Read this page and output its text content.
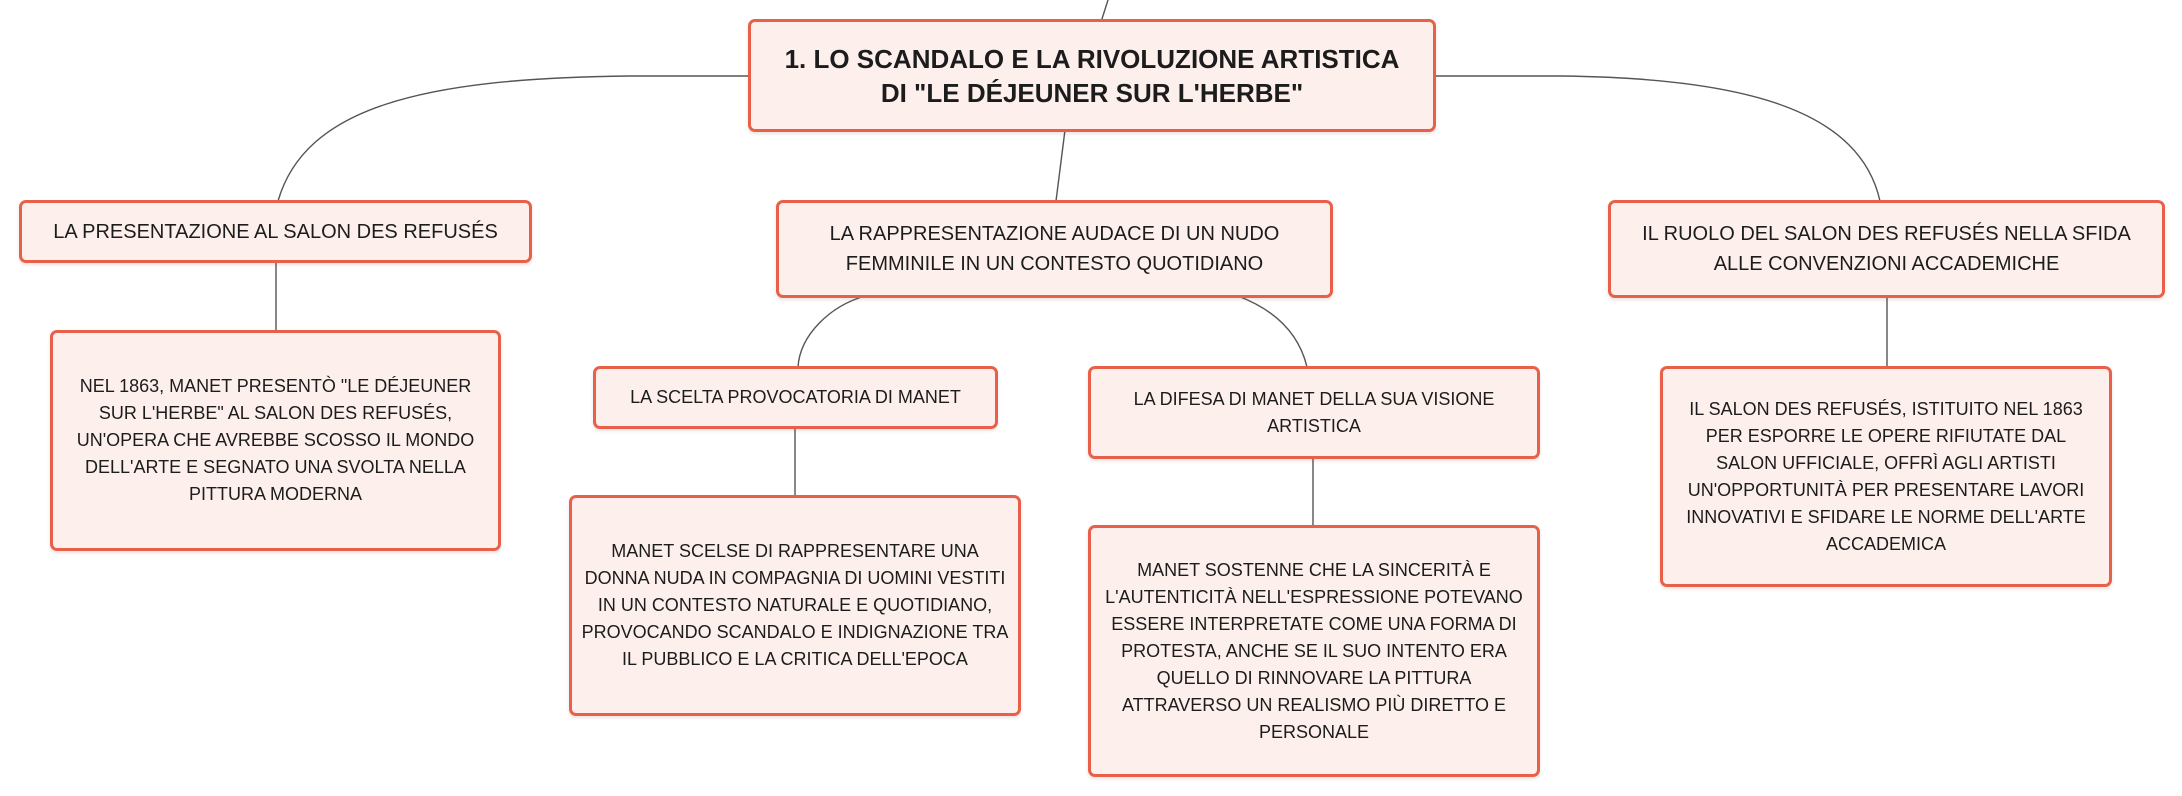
1. LO SCANDALO E LA RIVOLUZIONE ARTISTICA DI "LE DÉJEUNER SUR L'HERBE"
LA PRESENTAZIONE AL SALON DES REFUSÉS
NEL 1863, MANET PRESENTÒ "LE DÉJEUNER SUR L'HERBE" AL SALON DES REFUSÉS, UN'OPERA CHE AVREBBE SCOSSO IL MONDO DELL'ARTE E SEGNATO UNA SVOLTA NELLA PITTURA MODERNA
LA RAPPRESENTAZIONE AUDACE DI UN NUDO FEMMINILE IN UN CONTESTO QUOTIDIANO
LA SCELTA PROVOCATORIA DI MANET
MANET SCELSE DI RAPPRESENTARE UNA DONNA NUDA IN COMPAGNIA DI UOMINI VESTITI IN UN CONTESTO NATURALE E QUOTIDIANO, PROVOCANDO SCANDALO E INDIGNAZIONE TRA IL PUBBLICO E LA CRITICA DELL'EPOCA
LA DIFESA DI MANET DELLA SUA VISIONE ARTISTICA
MANET SOSTENNE CHE LA SINCERITÀ E L'AUTENTICITÀ NELL'ESPRESSIONE POTEVANO ESSERE INTERPRETATE COME UNA FORMA DI PROTESTA, ANCHE SE IL SUO INTENTO ERA QUELLO DI RINNOVARE LA PITTURA ATTRAVERSO UN REALISMO PIÙ DIRETTO E PERSONALE
IL RUOLO DEL SALON DES REFUSÉS NELLA SFIDA ALLE CONVENZIONI ACCADEMICHE
IL SALON DES REFUSÉS, ISTITUITO NEL 1863 PER ESPORRE LE OPERE RIFIUTATE DAL SALON UFFICIALE, OFFRÌ AGLI ARTISTI UN'OPPORTUNITÀ PER PRESENTARE LAVORI INNOVATIVI E SFIDARE LE NORME DELL'ARTE ACCADEMICA
